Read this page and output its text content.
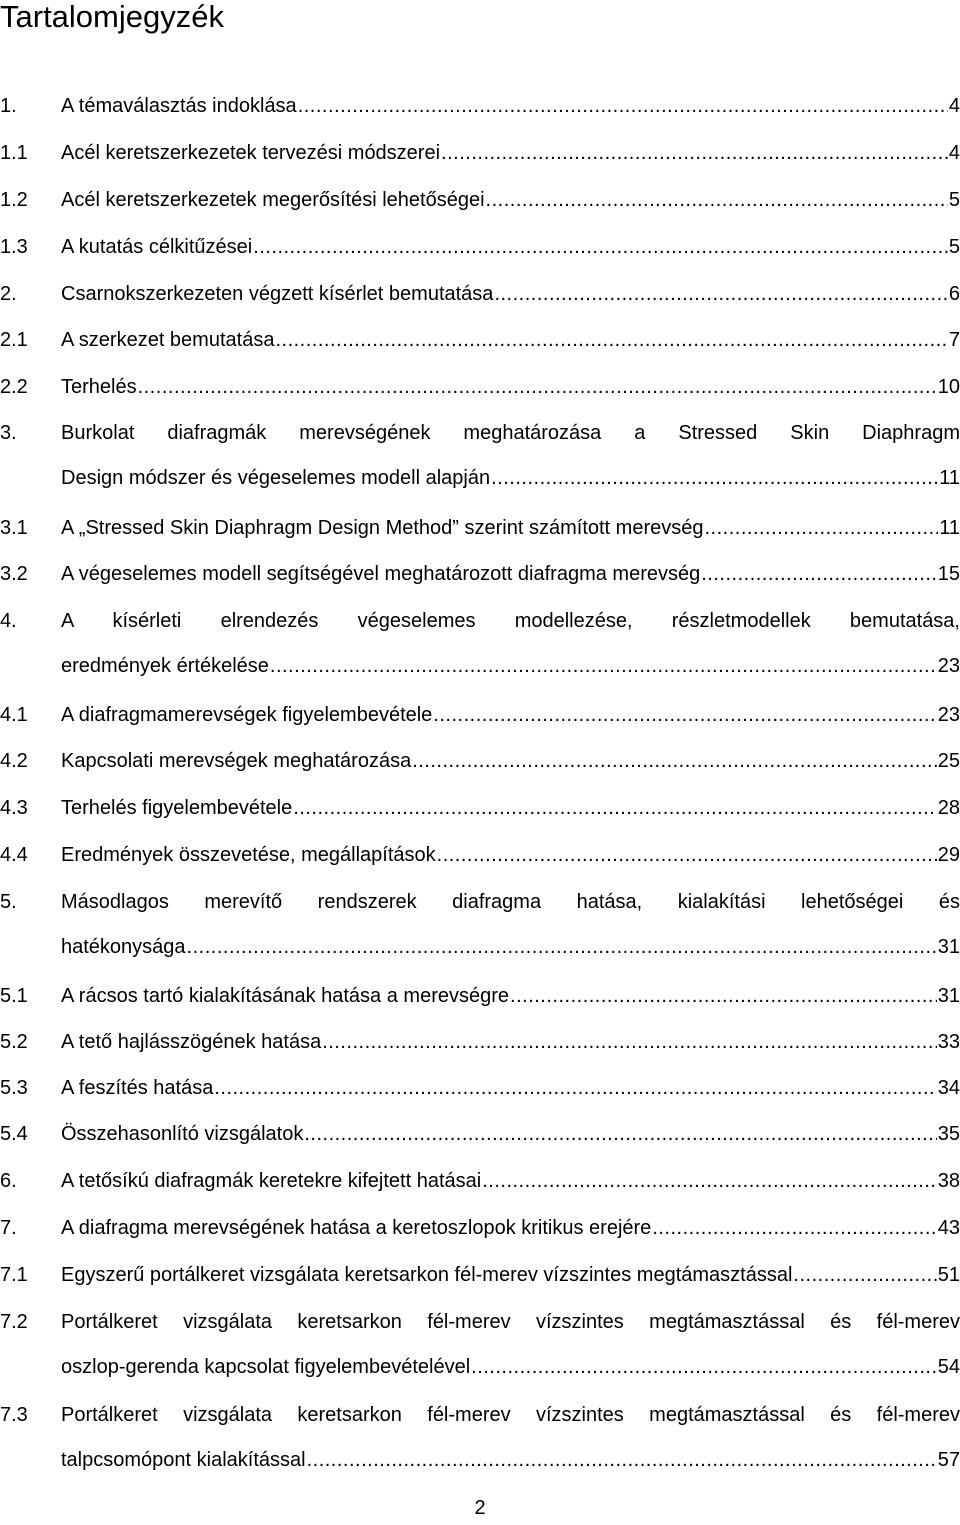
Tartalomjegyzék
1. A témaválasztás indoklása .....	4
1.1 Acél keretszerkezetek tervezési módszerei .....	4
1.2 Acél keretszerkezetek megerősítési lehetőségei .....	5
1.3 A kutatás célkitűzései .....	5
2. Csarnokszerkezeten végzett kísérlet bemutatása .....	6
2.1 A szerkezet bemutatása .....	7
2.2 Terhelés .....	10
3. Burkolat diafragmák merevségének meghatározása a Stressed Skin Diaphragm
Design módszer és végeselemes modell alapján .....	11
3.1 A „Stressed Skin Diaphragm Design Method” szerint számított merevség .....	11
3.2 A végeselemes modell segítségével meghatározott diafragma merevség .....	15
4. A kísérleti elrendezés végeselemes modellezése, részletmodellek bemutatása,
eredmények értékelése .....	23
4.1 A diafragmamerevségek figyelembevétele .....	23
4.2 Kapcsolati merevségek meghatározása .....	25
4.3 Terhelés figyelembevétele .....	28
4.4 Eredmények összevetése, megállapítások .....	29
5. Másodlagos merevítő rendszerek diafragma hatása, kialakítási lehetőségei és
hatékonysága .....	31
5.1 A rácsos tartó kialakításának hatása a merevségre .....	31
5.2 A tető hajlásszögének hatása .....	33
5.3 A feszítés hatása .....	34
5.4 Összehasonlító vizsgálatok .....	35
6. A tetősíkú diafragmák keretekre kifejtett hatásai .....	38
7. A diafragma merevségének hatása a keretoszlopok kritikus erejére .....	43
7.1 Egyszerű portálkeret vizsgálata keretsarkon fél-merev vízszintes megtámasztással .....	51
7.2 Portálkeret vizsgálata keretsarkon fél-merev vízszintes megtámasztással és fél-merev
oszlop-gerenda kapcsolat figyelembevételével .....	54
7.3 Portálkeret vizsgálata keretsarkon fél-merev vízszintes megtámasztással és fél-merev
talpcsomópont kialakítással .....	57
2
